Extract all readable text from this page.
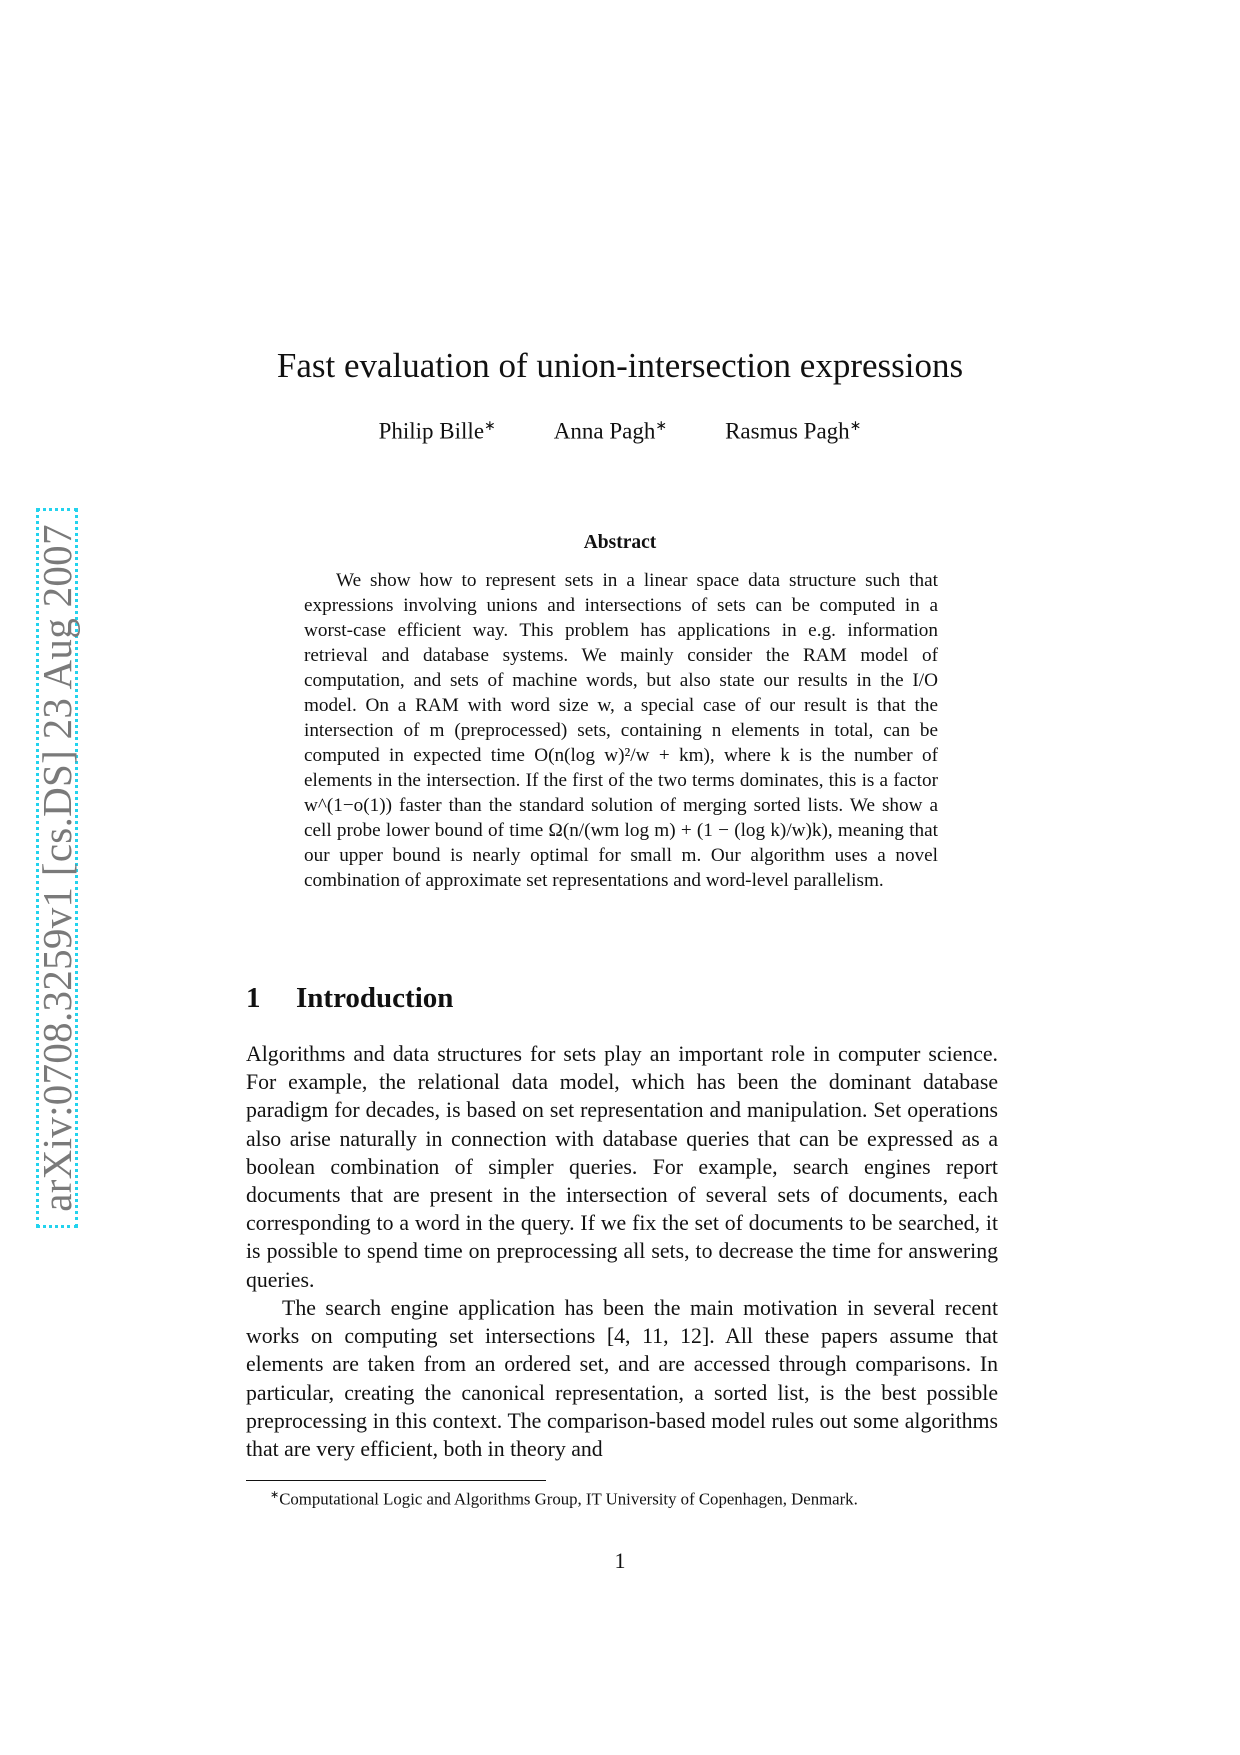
arXiv:0708.3259v1 [cs.DS] 23 Aug 2007
Fast evaluation of union-intersection expressions
Philip Bille∗	Anna Pagh∗	Rasmus Pagh∗
Abstract

We show how to represent sets in a linear space data structure such that expressions involving unions and intersections of sets can be computed in a worst-case efficient way. This problem has applications in e.g. information retrieval and database systems. We mainly consider the RAM model of computation, and sets of machine words, but also state our results in the I/O model. On a RAM with word size w, a special case of our result is that the intersection of m (preprocessed) sets, containing n elements in total, can be computed in expected time O(n(log w)²/w + km), where k is the number of elements in the intersection. If the first of the two terms dominates, this is a factor w^(1−o(1)) faster than the standard solution of merging sorted lists. We show a cell probe lower bound of time Ω(n/(wm log m) + (1 − (log k)/w)k), meaning that our upper bound is nearly optimal for small m. Our algorithm uses a novel combination of approximate set representations and word-level parallelism.

1 Introduction

Algorithms and data structures for sets play an important role in computer science. For example, the relational data model, which has been the dominant database paradigm for decades, is based on set representation and manipulation. Set operations also arise naturally in connection with database queries that can be expressed as a boolean combination of simpler queries. For example, search engines report documents that are present in the intersection of several sets of documents, each corresponding to a word in the query. If we fix the set of documents to be searched, it is possible to spend time on preprocessing all sets, to decrease the time for answering queries.

The search engine application has been the main motivation in several recent works on computing set intersections [4, 11, 12]. All these papers assume that elements are taken from an ordered set, and are accessed through comparisons. In particular, creating the canonical representation, a sorted list, is the best possible preprocessing in this context. The comparison-based model rules out some algorithms that are very efficient, both in theory and

∗Computational Logic and Algorithms Group, IT University of Copenhagen, Denmark.
1
